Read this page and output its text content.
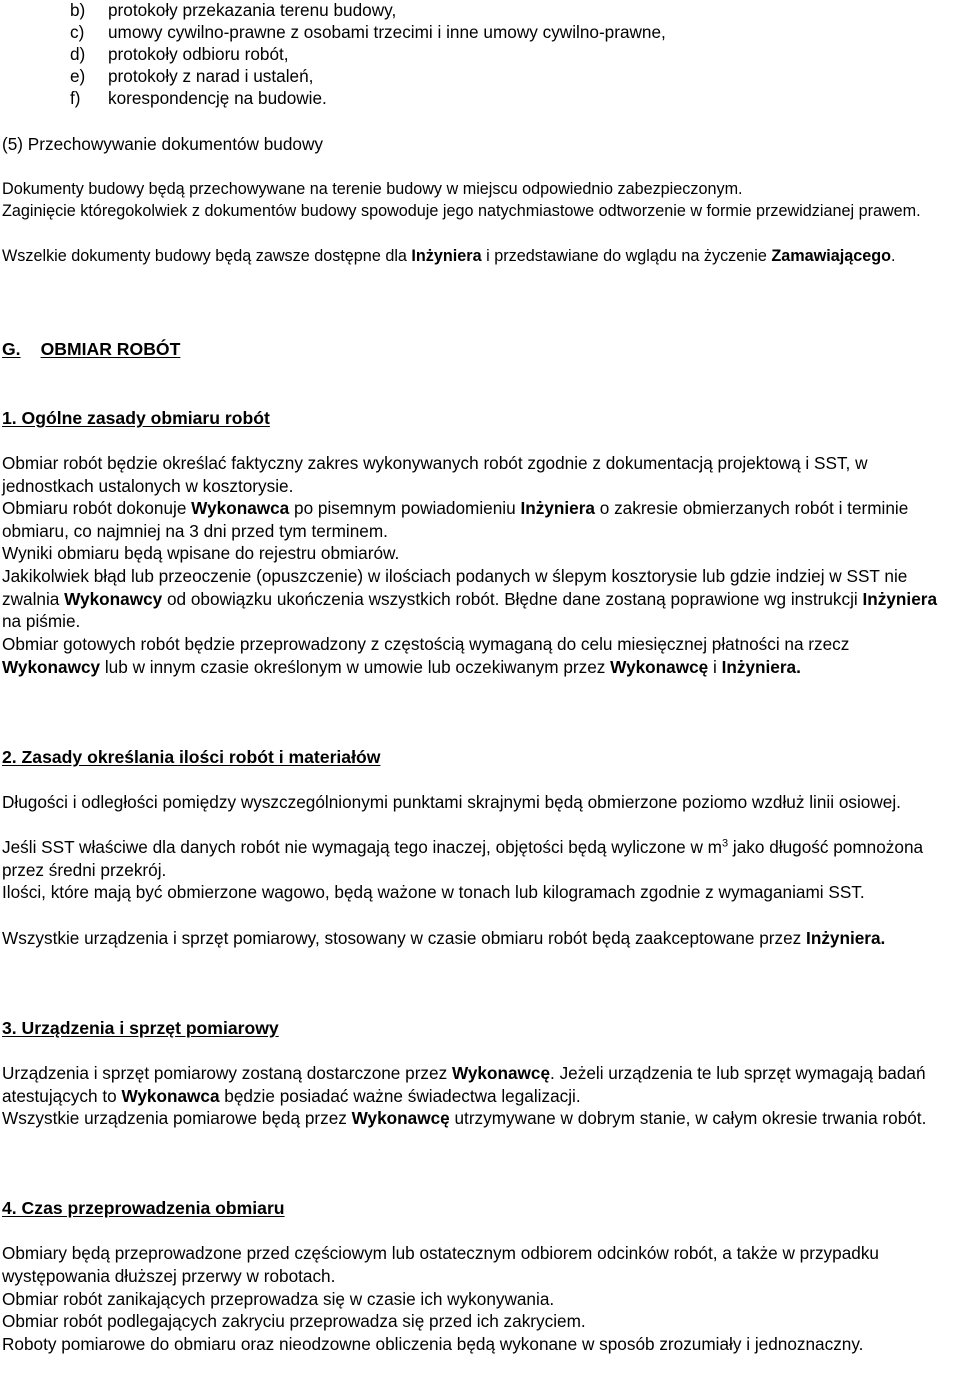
b) protokoły przekazania terenu budowy,
c) umowy cywilno-prawne z osobami trzecimi i inne umowy cywilno-prawne,
d) protokoły odbioru robót,
e) protokoły z narad i ustaleń,
f) korespondencję na budowie.
(5) Przechowywanie dokumentów budowy

Dokumenty budowy będą przechowywane na terenie budowy w miejscu odpowiednio zabezpieczonym.

Zaginięcie któregokolwiek z dokumentów budowy spowoduje jego natychmiastowe odtworzenie w formie przewidzianej prawem.

Wszelkie dokumenty budowy będą zawsze dostępne dla Inżyniera i przedstawiane do wglądu na życzenie Zamawiającego.

G. OBMIAR ROBÓT
1. Ogólne zasady obmiaru robót

Obmiar robót będzie określać faktyczny zakres wykonywanych robót zgodnie z dokumentacją projektową i SST, w jednostkach ustalonych w kosztorysie.

Obmiaru robót dokonuje Wykonawca po pisemnym powiadomieniu Inżyniera o zakresie obmierzanych robót i terminie obmiaru, co najmniej na 3 dni przed tym terminem.

Wyniki obmiaru będą wpisane do rejestru obmiarów.

Jakikolwiek błąd lub przeoczenie (opuszczenie) w ilościach podanych w ślepym kosztorysie lub gdzie indziej w SST nie zwalnia Wykonawcy od obowiązku ukończenia wszystkich robót. Błędne dane zostaną poprawione wg instrukcji Inżyniera na piśmie.

Obmiar gotowych robót będzie przeprowadzony z częstością wymaganą do celu miesięcznej płatności na rzecz Wykonawcy lub w innym czasie określonym w umowie lub oczekiwanym przez Wykonawcę i Inżyniera.

2. Zasady określania ilości robót i materiałów

Długości i odległości pomiędzy wyszczególnionymi punktami skrajnymi będą obmierzone poziomo wzdłuż linii osiowej.

Jeśli SST właściwe dla danych robót nie wymagają tego inaczej, objętości będą wyliczone w $m^3$ jako długość pomnożona przez średni przekrój.

Ilości, które mają być obmierzone wagowo, będą ważone w tonach lub kilogramach zgodnie z wymaganiami SST.

Wszystkie urządzenia i sprzęt pomiarowy, stosowany w czasie obmiaru robót będą zaakceptowane przez Inżyniera.

3. Urządzenia i sprzęt pomiarowy

Urządzenia i sprzęt pomiarowy zostaną dostarczone przez Wykonawcę. Jeżeli urządzenia te lub sprzęt wymagają badań atestujących to Wykonawca będzie posiadać ważne świadectwa legalizacji.

Wszystkie urządzenia pomiarowe będą przez Wykonawcę utrzymywane w dobrym stanie, w całym okresie trwania robót.

4. Czas przeprowadzenia obmiaru

Obmiary będą przeprowadzone przed częściowym lub ostatecznym odbiorem odcinków robót, a także w przypadku występowania dłuższej przerwy w robotach.

Obmiar robót zanikających przeprowadza się w czasie ich wykonywania.

Obmiar robót podlegających zakryciu przeprowadza się przed ich zakryciem.

Roboty pomiarowe do obmiaru oraz nieodzowne obliczenia będą wykonane w sposób zrozumiały i jednoznaczny.
